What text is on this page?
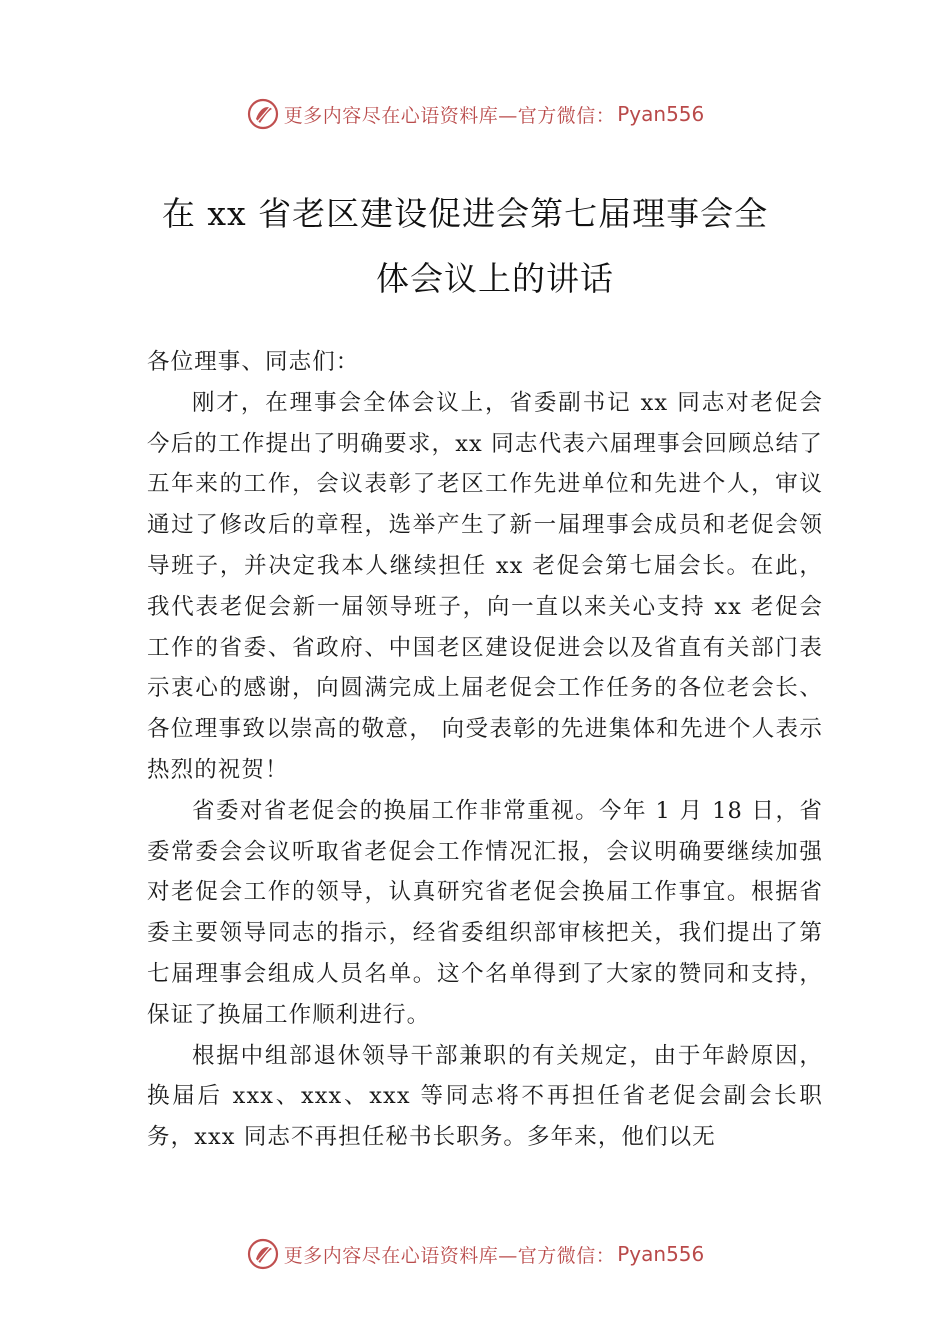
更多内容尽在心语资料库—官方微信： Pyan556
在 xx 省老区建设促进会第七届理事会全
体会议上的讲话

各位理事、同志们：

刚才，在理事会全体会议上，省委副书记 xx 同志对老促会今后的工作提出了明确要求，xx 同志代表六届理事会回顾总结了五年来的工作，会议表彰了老区工作先进单位和先进个人，审议通过了修改后的章程，选举产生了新一届理事会成员和老促会领导班子，并决定我本人继续担任 xx 老促会第七届会长。在此，我代表老促会新一届领导班子，向一直以来关心支持 xx 老促会工作的省委、省政府、中国老区建设促进会以及省直有关部门表示衷心的感谢，向圆满完成上届老促会工作任务的各位老会长、各位理事致以崇高的敬意， 向受表彰的先进集体和先进个人表示热烈的祝贺！

省委对省老促会的换届工作非常重视。今年 1 月 18 日，省委常委会会议听取省老促会工作情况汇报，会议明确要继续加强对老促会工作的领导，认真研究省老促会换届工作事宜。根据省委主要领导同志的指示，经省委组织部审核把关，我们提出了第七届理事会组成人员名单。这个名单得到了大家的赞同和支持，保证了换届工作顺利进行。

根据中组部退休领导干部兼职的有关规定，由于年龄原因，换届后 xxx、xxx、xxx 等同志将不再担任省老促会副会长职务，xxx 同志不再担任秘书长职务。多年来，他们以无

更多内容尽在心语资料库—官方微信： Pyan556
